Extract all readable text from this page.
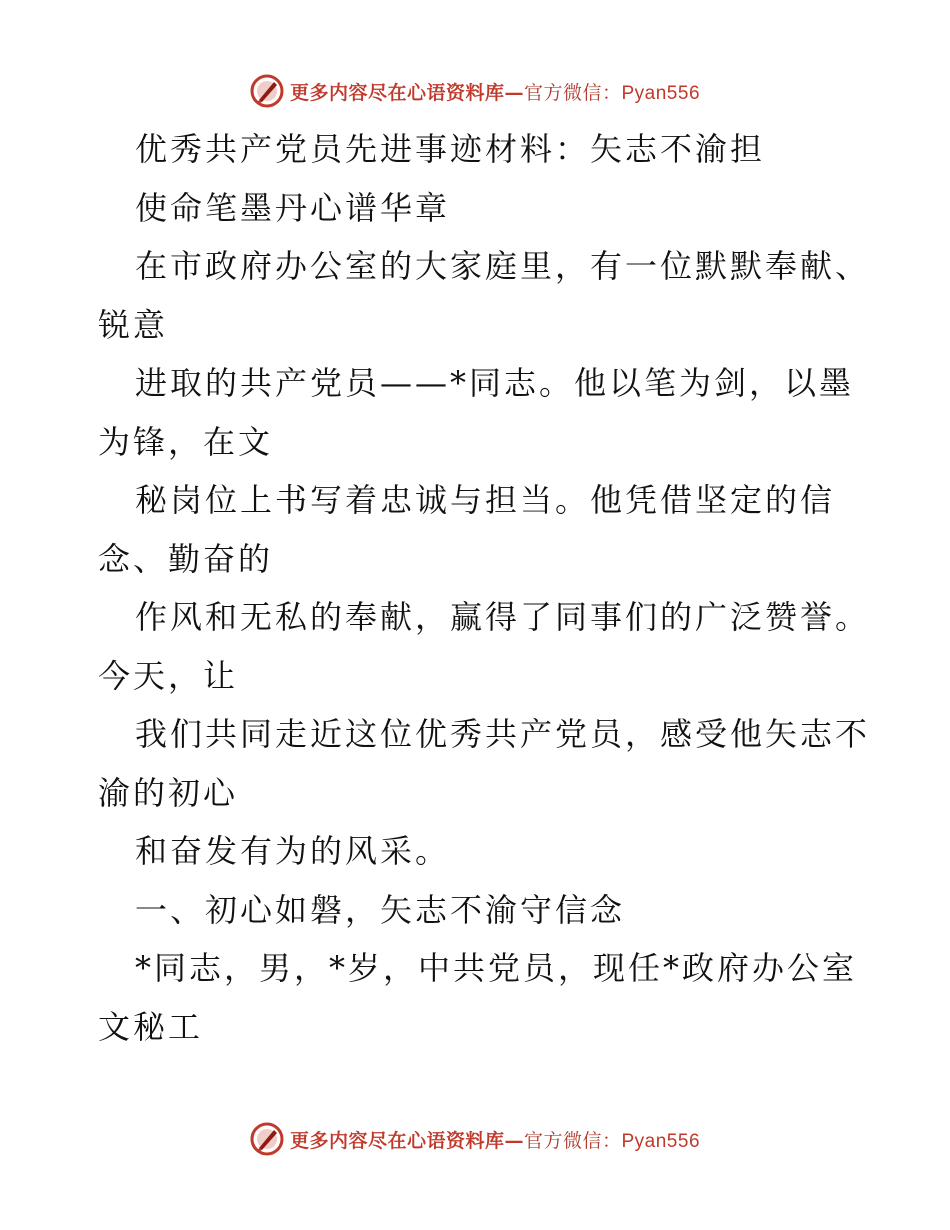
更多内容尽在心语资料库—官方微信：Pyan556
优秀共产党员先进事迹材料：矢志不渝担
使命笔墨丹心谱华章
在市政府办公室的大家庭里，有一位默默奉献、
锐意
进取的共产党员——*同志。他以笔为剑，以墨
为锋，在文
秘岗位上书写着忠诚与担当。他凭借坚定的信
念、勤奋的
作风和无私的奉献，赢得了同事们的广泛赞誉。
今天，让
我们共同走近这位优秀共产党员，感受他矢志不
渝的初心
和奋发有为的风采。
一、初心如磐，矢志不渝守信念
*同志，男，*岁，中共党员，现任*政府办公室
文秘工
更多内容尽在心语资料库—官方微信：Pyan556
